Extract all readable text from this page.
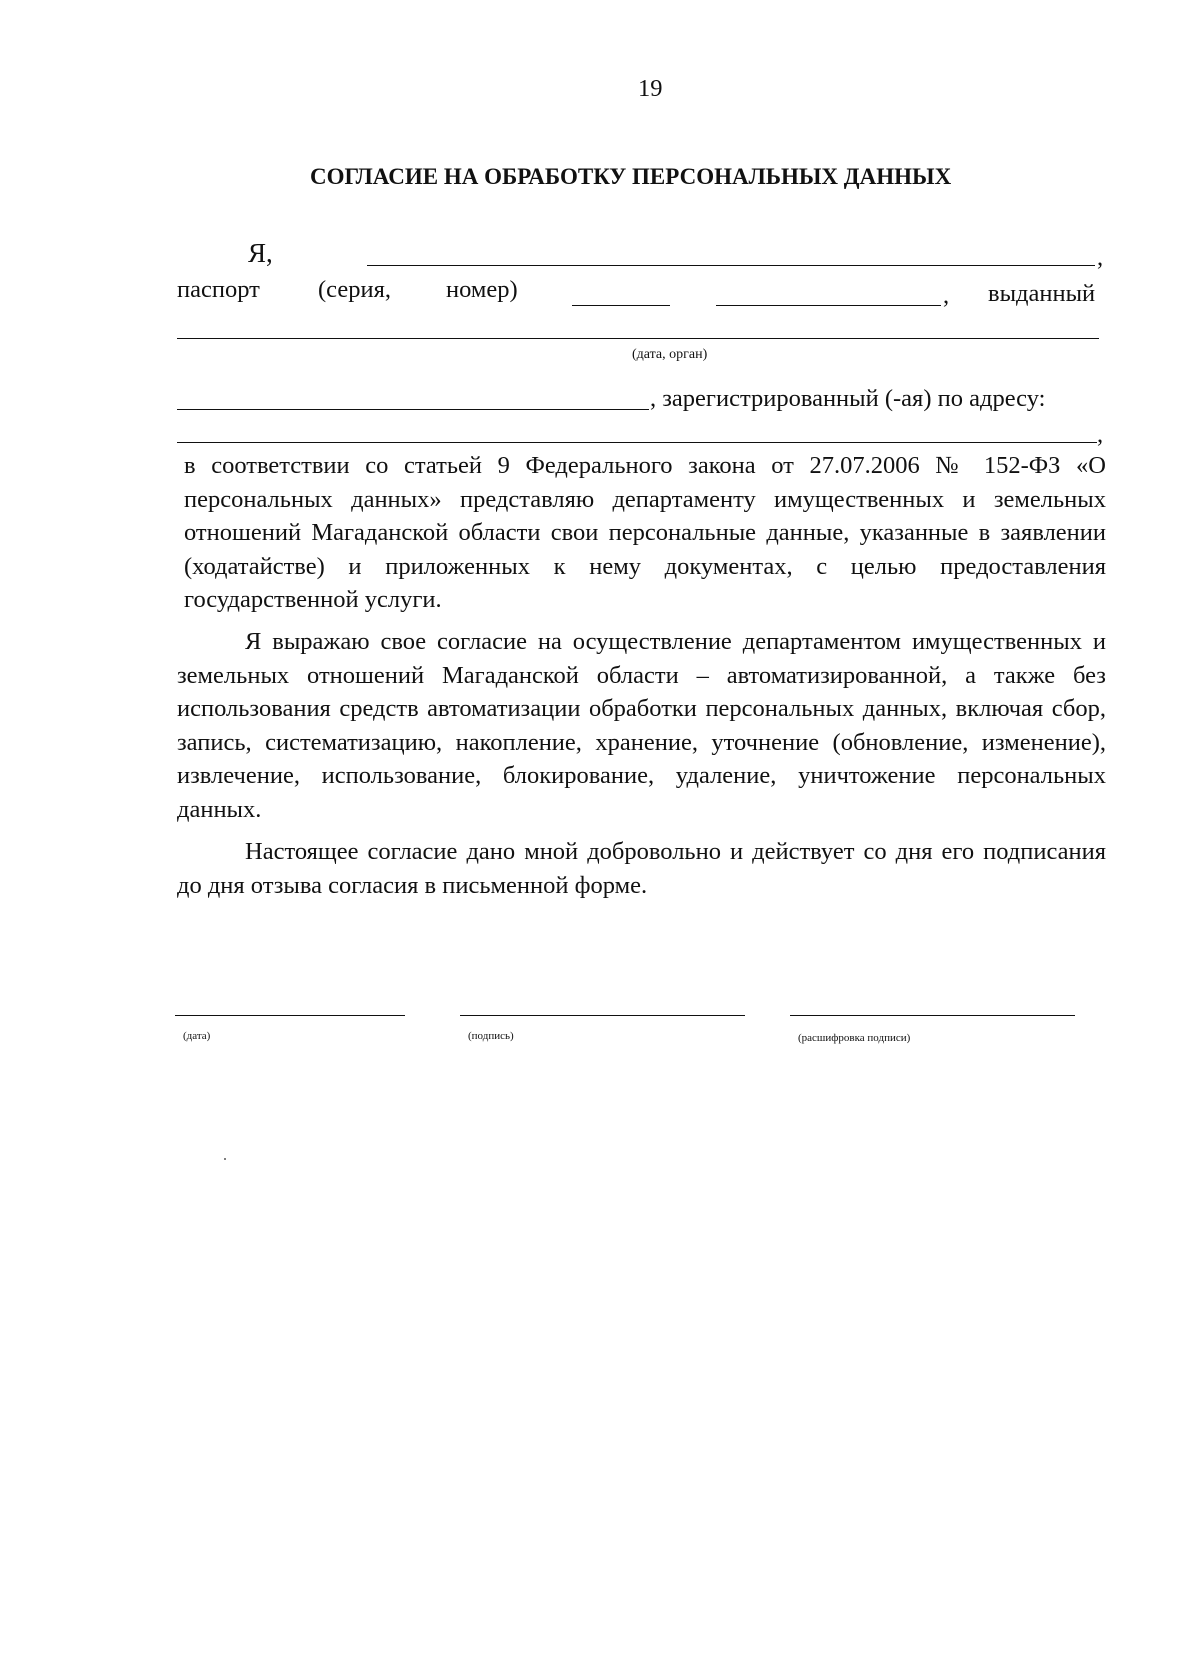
19
СОГЛАСИЕ НА ОБРАБОТКУ ПЕРСОНАЛЬНЫХ ДАННЫХ
Я,	,
паспорт (серия, номер)	, выданный
(дата, орган)
, зарегистрированный (-ая) по адресу:
,
в соответствии со статьей 9 Федерального закона от 27.07.2006 № 152-ФЗ «О персональных данных» представляю департаменту имущественных и земельных отношений Магаданской области свои персональные данные, указанные в заявлении (ходатайстве) и приложенных к нему документах, с целью предоставления государственной услуги.
Я выражаю свое согласие на осуществление департаментом имущественных и земельных отношений Магаданской области – автоматизированной, а также без использования средств автоматизации обработки персональных данных, включая сбор, запись, систематизацию, накопление, хранение, уточнение (обновление, изменение), извлечение, использование, блокирование, удаление, уничтожение персональных данных.
Настоящее согласие дано мной добровольно и действует со дня его подписания до дня отзыва согласия в письменной форме.
(дата)	(подпись)	(расшифровка подписи)
